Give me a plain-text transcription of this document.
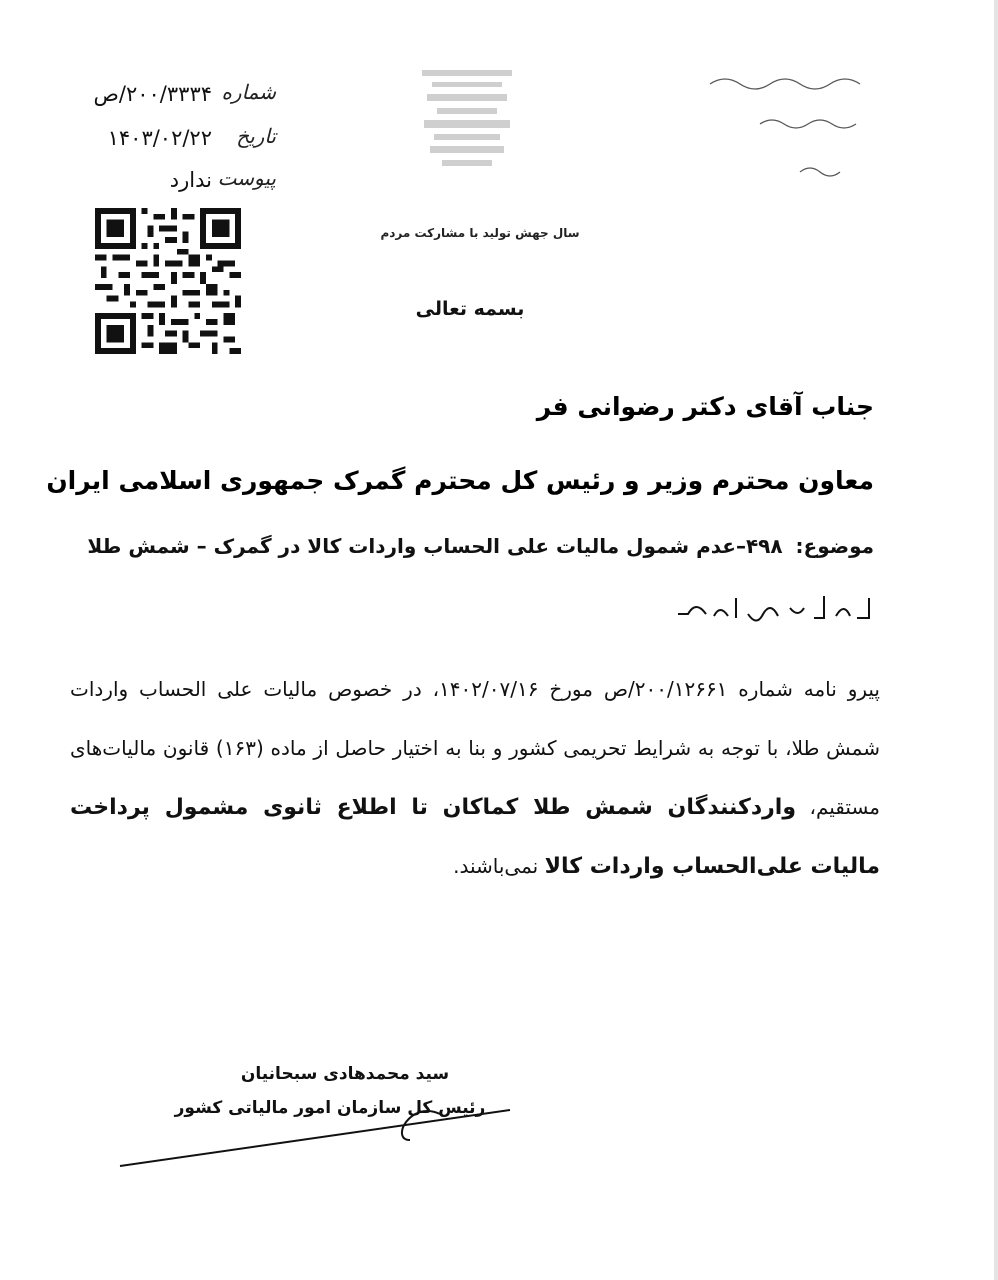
شماره
۲۰۰/۳۳۳۴/ص
تاریخ
۱۴۰۳/۰۲/۲۲
پیوست
ندارد
سال جهش تولید با مشارکت مردم
بسمه تعالی
جناب آقای دکتر رضوانی فر
معاون محترم وزیر و رئیس کل محترم گمرک جمهوری اسلامی ایران
موضوع: ۴۹۸–عدم شمول مالیات علی الحساب واردات کالا در گمرک – شمش طلا
پیرو نامه شماره ۲۰۰/۱۲۶۶۱/ص مورخ ۱۴۰۲/۰۷/۱۶، در خصوص مالیات علی الحساب واردات شمش طلا، با توجه به شرایط تحریمی کشور و بنا به اختیار حاصل از ماده (۱۶۳) قانون مالیات‌های مستقیم، واردکنندگان شمش طلا کماکان تا اطلاع ثانوی مشمول پرداخت مالیات علی‌الحساب واردات کالا نمی‌باشند.
سید محمدهادی سبحانیان
رئیس کل سازمان امور مالیاتی کشور
